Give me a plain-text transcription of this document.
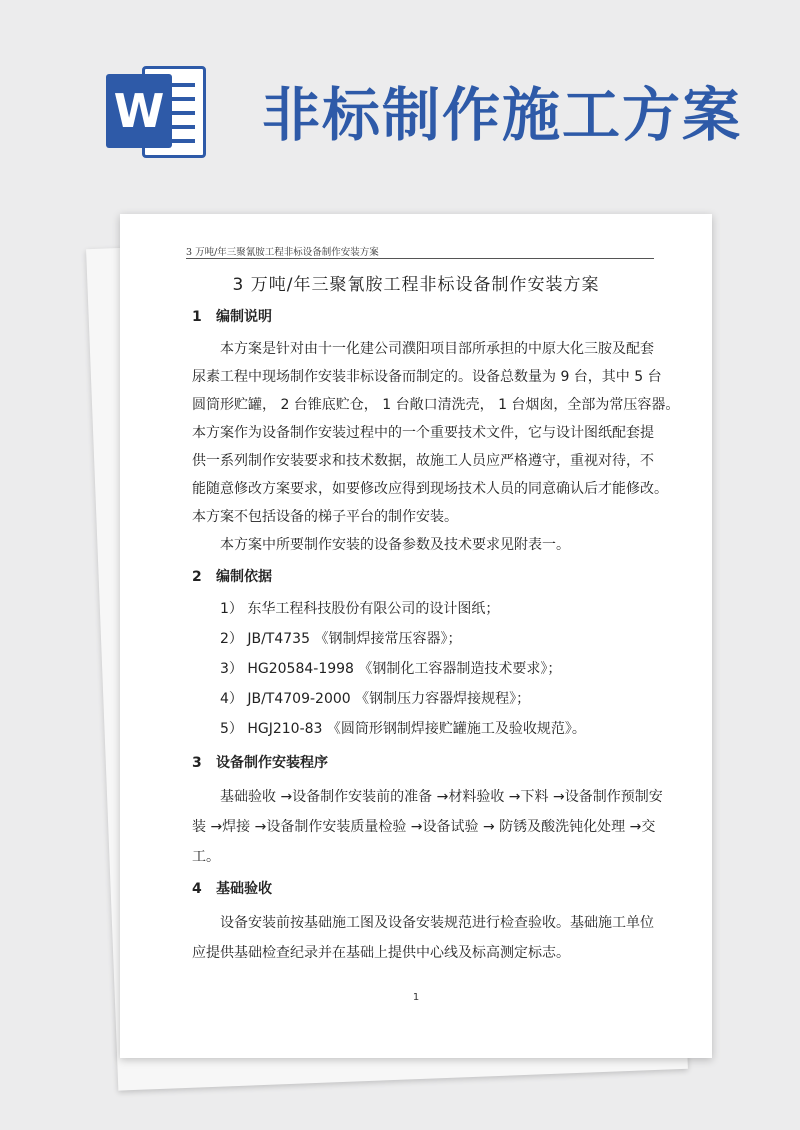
W 非标制作施工方案
3 万吨/年三聚氰胺工程非标设备制作安装方案
3 万吨/年三聚氰胺工程非标设备制作安装方案
1 编制说明
本方案是针对由十一化建公司濮阳项目部所承担的中原大化三胺及配套
尿素工程中现场制作安装非标设备而制定的。设备总数量为 9 台，其中 5 台
圆筒形贮罐， 2 台锥底贮仓， 1 台敞口清洗壳， 1 台烟囱，全部为常压容器。
本方案作为设备制作安装过程中的一个重要技术文件，它与设计图纸配套提
供一系列制作安装要求和技术数据，故施工人员应严格遵守，重视对待，不
能随意修改方案要求，如要修改应得到现场技术人员的同意确认后才能修改。
本方案不包括设备的梯子平台的制作安装。
本方案中所要制作安装的设备参数及技术要求见附表一。
2 编制依据
1） 东华工程科技股份有限公司的设计图纸；
2） JB/T4735 《钢制焊接常压容器》；
3） HG20584-1998 《钢制化工容器制造技术要求》；
4） JB/T4709-2000 《钢制压力容器焊接规程》；
5） HGJ210-83 《圆筒形钢制焊接贮罐施工及验收规范》。
3 设备制作安装程序
基础验收 →设备制作安装前的准备 →材料验收 →下料 →设备制作预制安
装 →焊接 →设备制作安装质量检验 →设备试验 → 防锈及酸洗钝化处理 →交
工。
4 基础验收
设备安装前按基础施工图及设备安装规范进行检查验收。基础施工单位
应提供基础检查纪录并在基础上提供中心线及标高测定标志。
1
